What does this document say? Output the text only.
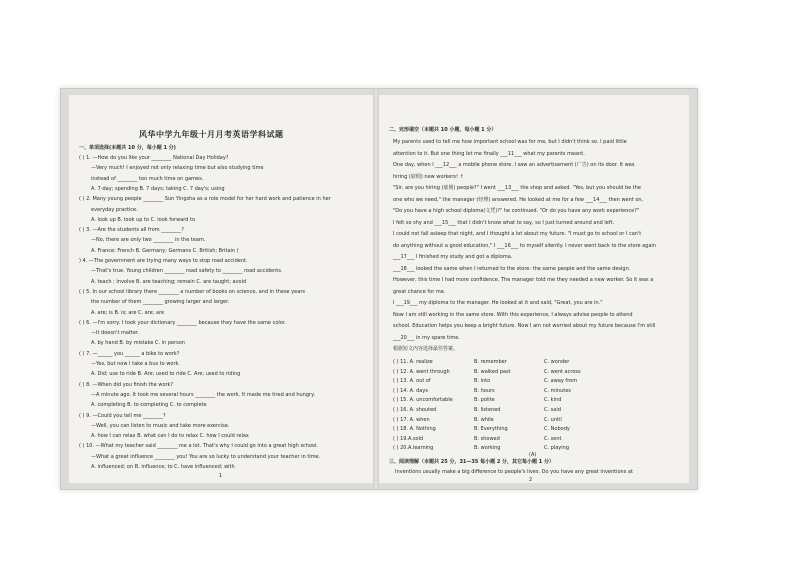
风华中学九年级十月月考英语学科试题
一、单项选择(本题共 10 分，每小题 1 分)
( ) 1. —How do you like your ________ National Day Holiday?
—Very much! I enjoyed not only relaxing time but also studying time
instead of ________ too much time on games.
A. 7-day; spending B. 7 days; taking C. 7 day's; using
( ) 2. Many young people ________ Sun Yingsha as a role model for her hard work and patience in her
everyday practice.
A. look up B. look up to C. look forward to
( ) 3. —Are the students all from ________?
—No, there are only two ________ in the team.
A. France; French B. Germany; Germans C. British; Britain (
) 4. —The government are trying many ways to stop road accident.
—That's true. Young children ________ road safety to ________ road accidents.
A. teach ; involve B. are teaching; remain C. are taught; avoid
( ) 5. In our school library there ________ a number of books on science, and in these years
the number of them ________ growing larger and larger.
A. are; is B. is; are C. are; are
( ) 6. —I'm sorry. I took your dictionary ________ because they have the same color.
—It doesn't matter.
A. by hand B. by mistake C. in person
( ) 7. —______ you ______ a bike to work?
—Yes, but now I take a bus to work.
A. Did; use to ride B. Are; used to ride C. Are; used to riding
( ) 8. —When did you finish the work?
—A minute ago. It took me several hours ________ the work. It made me tired and hungry.
A. completing B. to completing C. to complete
( ) 9. —Could you tell me ________?
—Well, you can listen to music and take more exercise.
A. how I can relax B. what can I do to relax C. how I could relax
( ) 10. —What my teacher said ________ me a lot. That's why I could go into a great high school.
—What a great influence ________ you! You are so lucky to understand your teacher in time.
A. influenced; on B. influence; to C. have influenced; with
1
二、完形填空（本题共 10 小题，每小题 1 分）
My parents used to tell me how important school was for me, but I didn't think so. I paid little
attention to it. But one thing let me finally ___11___ what my parents meant.
One day, when I ___12___ a mobile phone store, I saw an advertisement (广告) on its door. It was
hiring (雇佣) new workers! ↑
"Sir, are you hiring (雇佣) people?" I went ___13___ the shop and asked. "Yes, but you should be the
one who we need," the manager (经理) answered. He looked at me for a few ___14___ then went on,
"Do you have a high school diploma(文凭)?" he continued. "Or do you have any work experience?"
I felt so shy and ___15___ that I didn't know what to say, so I just turned around and left.
I could not fall asleep that night, and I thought a lot about my future. "I must go to school or I can't
do anything without a good education," I ___16___ to myself silently. I never went back to the store again
___17___ I finished my study and got a diploma.
___18___ looked the same when I returned to the store: the same people and the same design.
However, this time I had more confidence. The manager told me they needed a new worker. So it was a
great chance for me.
I ___19___ my diploma to the manager. He looked at it and said, "Great, you are in."
Now I am still working in the same store. With this experience, I always advise people to attend
school. Education helps you keep a bright future. Now I am not worried about my future because I'm still
___20___ in my spare time.
根据短文内容选择最佳答案。
( ) 11. A. realize	B. remember	C. wonder
( ) 12. A. went through	B. walked past	C. went across
( ) 13. A. out of	B. into	C. away from
( ) 14. A. days	B. hours	C. minutes
( ) 15. A. uncomfortable	B. polite	C. kind
( ) 16. A. shouted	B. listened	C. said
( ) 17. A. when	B. while	C. until
( ) 18. A. Nothing	B. Everything	C. Nobody
( ) 19.A.sold	B. showed	C. sent
( ) 20.A.learning	B. working	C. playing
(A)
三、阅读理解（本题共 25 分，31—35 每小题 2 分，其它每小题 1 分）
Inventions usually make a big difference to people's lives. Do you have any great inventions at
2
